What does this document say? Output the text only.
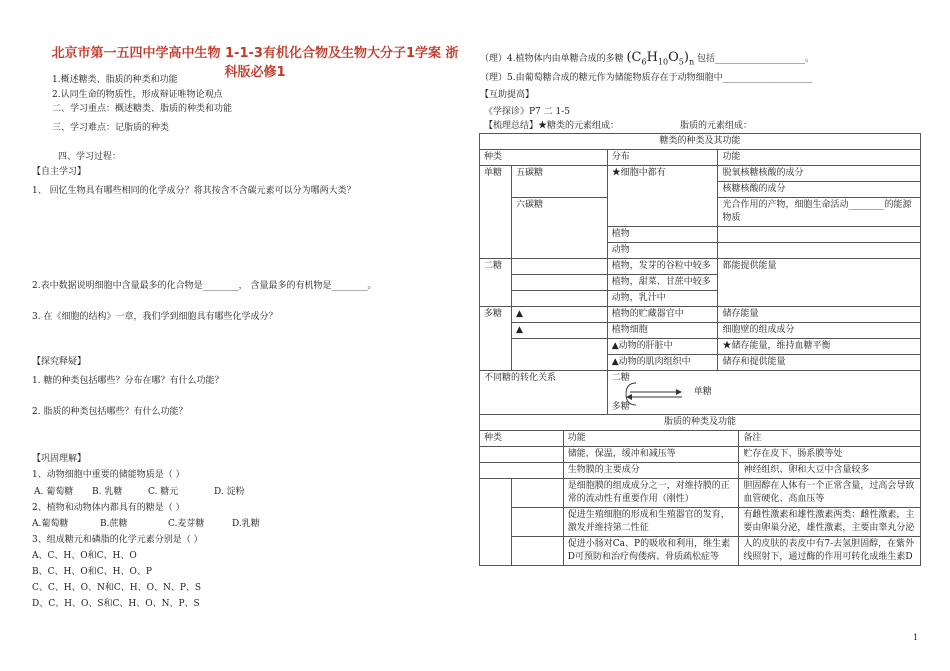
北京市第一五四中学高中生物 1-1-3有机化合物及生物大分子1学案 浙科版必修1
1.概述糖类、脂质的种类和功能
2.认同生命的物质性，形成辩证唯物论观点
二、学习重点：概述糖类、脂质的种类和功能
三、学习难点：记脂质的种类
四、学习过程：
【自主学习】
1、 回忆生物具有哪些相同的化学成分？将其按含不含碳元素可以分为哪两大类？
2.表中数据说明细胞中含量最多的化合物是________， 含量最多的有机物是________。
3. 在《细胞的结构》一章，我们学到细胞具有哪些化学成分？
【探究释疑】
1. 糖的种类包括哪些？分布在哪？有什么功能？
2. 脂质的种类包括哪些？有什么功能？
【巩固理解】
1、动物细胞中重要的储能物质是（ ）
A. 葡萄糖 B. 乳糖	C. 糖元	D. 淀粉
2、植物和动物体内都具有的糖是（ ）
A.葡萄糖	B.蔗糖	C.麦芽糖	D.乳糖
3、组成糖元和磷脂的化学元素分别是（ ）
A、C、H、O和C、H、O
B、C、H、O和C、H、O、P
C、C、H、O、N和C、H、O、N、P、S
D、C、H、O、S和C、H、O、N、P、S
（理）4.植物体内由单糖合成的多糖 $(C_6H_{10}O_5)_n$ 包括____________________。
（理）5.由葡萄糖合成的糖元作为储能物质存在于动物细胞中____________________
【互助提高】
《学探诊》P7 二 1-5
【梳理总结】★糖类的元素组成：	脂质的元素组成：
糖类的种类及其功能			
种类		分布	功能
单糖	五碳糖	★细胞中都有	脱氧核糖核酸的成分
			核糖核酸的成分
	六碳糖		光合作用的产物，细胞生命活动________的能源物质
		植物	
		动物	
二糖		植物，发芽的谷粒中较多	都能提供能量
		植物，甜菜、甘蔗中较多	
		动物，乳汁中	
多糖	▲	植物的贮藏器官中	储存能量
	▲	植物细胞	细胞壁的组成成分
		▲动物的肝脏中	★储存能量，维持血糖平衡
		▲动物的肌肉组织中	储存和提供能量
不同糖的转化关系		二糖
单糖
多糖	
脂质的种类及功能			
种类		功能	备注
		储能，保温，缓冲和减压等	贮存在皮下、肠系膜等处
		生物膜的主要成分	神经组织、卵和大豆中含量较多
		是细胞膜的组成成分之一，对维持膜的正常的流动性有重要作用（刚性）	胆固醇在人体有一个正常含量，过高会导致血管硬化、高血压等
		促进生殖细胞的形成和生殖器官的发育，激发并维持第二性征	有雌性激素和雄性激素两类：雌性激素，主要由卵巢分泌，雄性激素，主要由睾丸分泌
		促进小肠对Ca、P的吸收和利用，维生素D可预防和治疗佝偻病、骨质疏松症等	人的皮肤的表皮中有7-去氢胆固醇，在紫外线照射下，通过酶的作用可转化成维生素D
1
